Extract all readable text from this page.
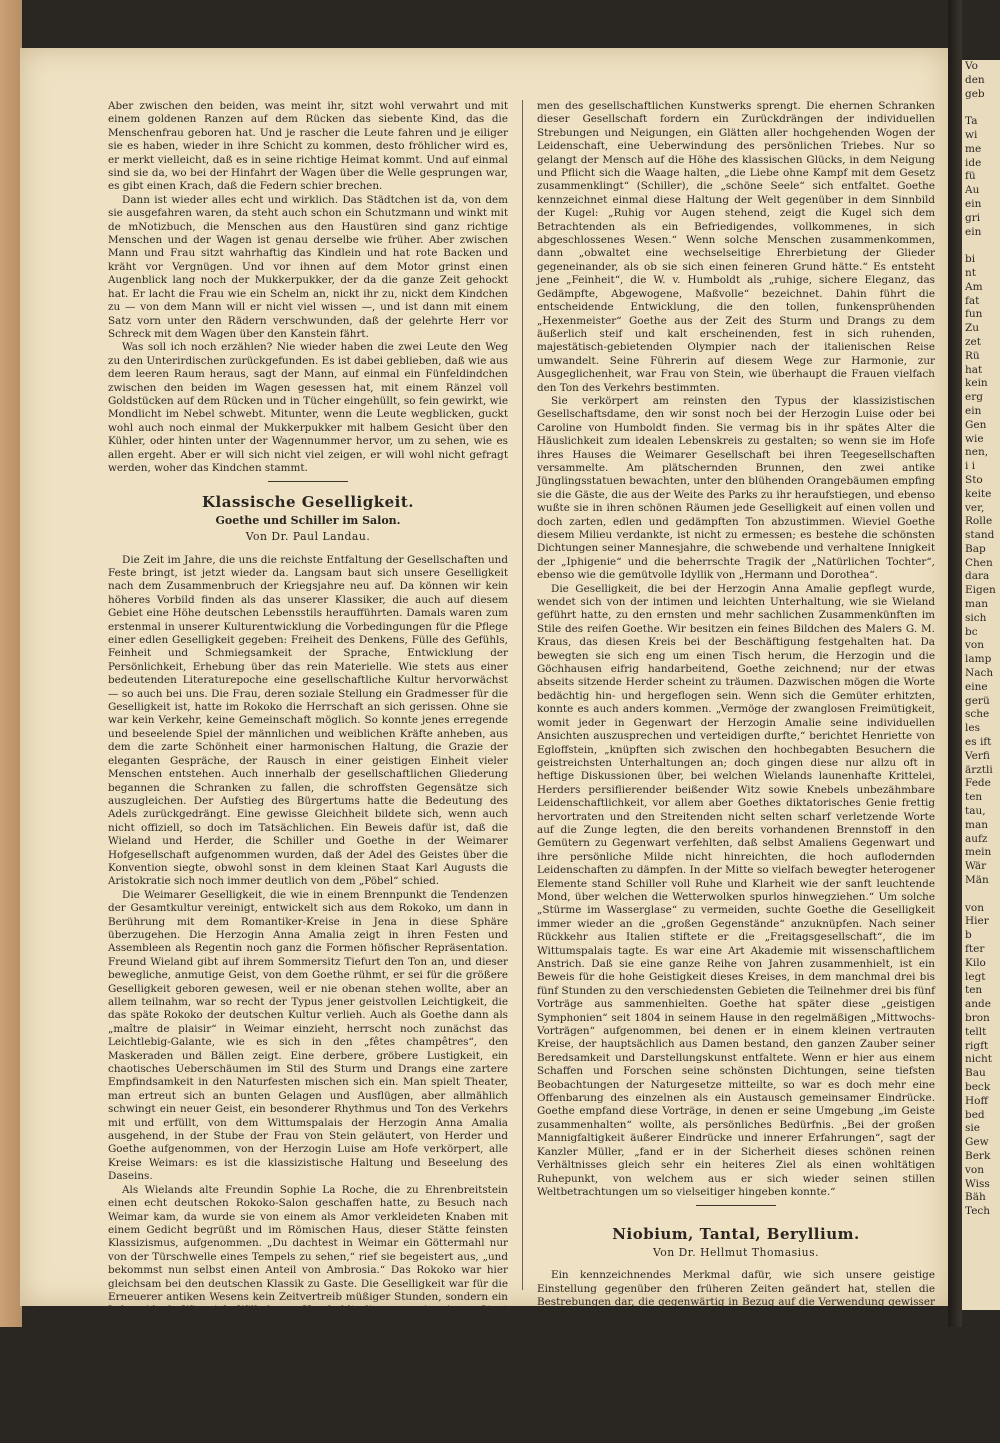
Aber zwischen den beiden, was meint ihr, sitzt wohl verwahrt und mit einem goldenen Ranzen auf dem Rücken das siebente Kind, das die Menschenfrau geboren hat. Und je rascher die Leute fahren und je eiliger sie es haben, wieder in ihre Schicht zu kommen, desto fröhlicher wird es, er merkt vielleicht, daß es in seine richtige Heimat kommt. Und auf einmal sind sie da, wo bei der Hinfahrt der Wagen über die Welle gesprungen war, es gibt einen Krach, daß die Federn schier brechen.

Dann ist wieder alles echt und wirklich. Das Städtchen ist da, von dem sie ausgefahren waren, da steht auch schon ein Schutzmann und winkt mit de mNotizbuch, die Menschen aus den Haustüren sind ganz richtige Menschen und der Wagen ist genau derselbe wie früher. Aber zwischen Mann und Frau sitzt wahrhaftig das Kindlein und hat rote Backen und kräht vor Vergnügen. Und vor ihnen auf dem Motor grinst einen Augenblick lang noch der Mukkerpukker, der da die ganze Zeit gehockt hat. Er lacht die Frau wie ein Schelm an, nickt ihr zu, nickt dem Kindchen zu — von dem Mann will er nicht viel wissen —, und ist dann mit einem Satz vorn unter den Rädern verschwunden, daß der gelehrte Herr vor Schreck mit dem Wagen über den Kanstein fährt.

Was soll ich noch erzählen? Nie wieder haben die zwei Leute den Weg zu den Unterirdischen zurückgefunden. Es ist dabei geblieben, daß wie aus dem leeren Raum heraus, sagt der Mann, auf einmal ein Fünfeldindchen zwischen den beiden im Wagen gesessen hat, mit einem Ränzel voll Goldstücken auf dem Rücken und in Tücher eingehüllt, so fein gewirkt, wie Mondlicht im Nebel schwebt. Mitunter, wenn die Leute wegblicken, guckt wohl auch noch einmal der Mukkerpukker mit halbem Gesicht über den Kühler, oder hinten unter der Wagennummer hervor, um zu sehen, wie es allen ergeht. Aber er will sich nicht viel zeigen, er will wohl nicht gefragt werden, woher das Kindchen stammt.

Klassische Geselligkeit.
Goethe und Schiller im Salon.
Von Dr. Paul Landau.

Die Zeit im Jahre, die uns die reichste Entfaltung der Gesellschaften und Feste bringt, ist jetzt wieder da. Langsam baut sich unsere Geselligkeit nach dem Zusammenbruch der Kriegsjahre neu auf. Da können wir kein höheres Vorbild finden als das unserer Klassiker, die auch auf diesem Gebiet eine Höhe deutschen Lebensstils heraufführten. Damals waren zum erstenmal in unserer Kulturentwicklung die Vorbedingungen für die Pflege einer edlen Geselligkeit gegeben: Freiheit des Denkens, Fülle des Gefühls, Feinheit und Schmiegsamkeit der Sprache, Entwicklung der Persönlichkeit, Erhebung über das rein Materielle. Wie stets aus einer bedeutenden Literaturepoche eine gesellschaftliche Kultur hervorwächst — so auch bei uns. Die Frau, deren soziale Stellung ein Gradmesser für die Geselligkeit ist, hatte im Rokoko die Herrschaft an sich gerissen. Ohne sie war kein Verkehr, keine Gemeinschaft möglich. So konnte jenes erregende und beseelende Spiel der männlichen und weiblichen Kräfte anheben, aus dem die zarte Schönheit einer harmonischen Haltung, die Grazie der eleganten Gespräche, der Rausch in einer geistigen Einheit vieler Menschen entstehen. Auch innerhalb der gesellschaftlichen Gliederung begannen die Schranken zu fallen, die schroffsten Gegensätze sich auszugleichen. Der Aufstieg des Bürgertums hatte die Bedeutung des Adels zurückgedrängt. Eine gewisse Gleichheit bildete sich, wenn auch nicht offiziell, so doch im Tatsächlichen. Ein Beweis dafür ist, daß die Wieland und Herder, die Schiller und Goethe in der Weimarer Hofgesellschaft aufgenommen wurden, daß der Adel des Geistes über die Konvention siegte, obwohl sonst in dem kleinen Staat Karl Augusts die Aristokratie sich noch immer deutlich von dem „Pöbel“ schied.

Die Weimarer Geselligkeit, die wie in einem Brennpunkt die Tendenzen der Gesamtkultur vereinigt, entwickelt sich aus dem Rokoko, um dann in Berührung mit dem Romantiker-Kreise in Jena in diese Sphäre überzugehen. Die Herzogin Anna Amalia zeigt in ihren Festen und Assembleen als Regentin noch ganz die Formen höfischer Repräsentation. Freund Wieland gibt auf ihrem Sommersitz Tiefurt den Ton an, und dieser bewegliche, anmutige Geist, von dem Goethe rühmt, er sei für die größere Geselligkeit geboren gewesen, weil er nie obenan stehen wollte, aber an allem teilnahm, war so recht der Typus jener geistvollen Leichtigkeit, die das späte Rokoko der deutschen Kultur verlieh. Auch als Goethe dann als „maître de plaisir“ in Weimar einzieht, herrscht noch zunächst das Leichtlebig-Galante, wie es sich in den „fêtes champêtres“, den Maskeraden und Bällen zeigt. Eine derbere, gröbere Lustigkeit, ein chaotisches Ueberschäumen im Stil des Sturm und Drangs eine zartere Empfindsamkeit in den Naturfesten mischen sich ein. Man spielt Theater, man ertreut sich an bunten Gelagen und Ausflügen, aber allmählich schwingt ein neuer Geist, ein besonderer Rhythmus und Ton des Verkehrs mit und erfüllt, von dem Wittumspalais der Herzogin Anna Amalia ausgehend, in der Stube der Frau von Stein geläutert, von Herder und Goethe aufgenommen, von der Herzogin Luise am Hofe verkörpert, alle Kreise Weimars: es ist die klassizistische Haltung und Beseelung des Daseins.

Als Wielands alte Freundin Sophie La Roche, die zu Ehrenbreitstein einen echt deutschen Rokoko-Salon geschaffen hatte, zu Besuch nach Weimar kam, da wurde sie von einem als Amor verkleideten Knaben mit einem Gedicht begrüßt und im Römischen Haus, dieser Stätte feinsten Klassizismus, aufgenommen. „Du dachtest in Weimar ein Göttermahl nur von der Türschwelle eines Tempels zu sehen,“ rief sie begeistert aus, „und bekommst nun selbst einen Anteil von Ambrosia.“ Das Rokoko war hier gleichsam bei den deutschen Klassik zu Gaste. Die Geselligkeit war für die Erneuerer antiken Wesens kein Zeitvertreib müßiger Stunden, sondern ein Lebensideal. Wie sich Wilhelm v. Humboldt die ganze in einem Staat lebende Nation unter dem Bilde einer edlen Gesellschaft darstellte, so glaubte man in der Weimarer Gemeinschaft diese Harmonie verwirklichen zu können durch jene ästhetische Erziehung, die Schiller predigte, durch die Gemeinsamkeit der Weltanschauung, durch das Aufgehen der einzelnen Persönlichkeit in dem allgemeinen Gesetz. Ein Wilhelm Meister, ein Faust fügen sich als dienendes Glied dem großen Ganzen ein; Tasso scheitert, weil seine unbändige Dämonie die strengen For-

men des gesellschaftlichen Kunstwerks sprengt. Die ehernen Schranken dieser Gesellschaft fordern ein Zurückdrängen der individuellen Strebungen und Neigungen, ein Glätten aller hochgehenden Wogen der Leidenschaft, eine Ueberwindung des persönlichen Triebes. Nur so gelangt der Mensch auf die Höhe des klassischen Glücks, in dem Neigung und Pflicht sich die Waage halten, „die Liebe ohne Kampf mit dem Gesetz zusammenklingt“ (Schiller), die „schöne Seele“ sich entfaltet. Goethe kennzeichnet einmal diese Haltung der Welt gegenüber in dem Sinnbild der Kugel: „Ruhig vor Augen stehend, zeigt die Kugel sich dem Betrachtenden als ein Befriedigendes, vollkommenes, in sich abgeschlossenes Wesen.“ Wenn solche Menschen zusammenkommen, dann „obwaltet eine wechselseitige Ehrerbietung der Glieder gegeneinander, als ob sie sich einen feineren Grund hätte.“ Es entsteht jene „Feinheit“, die W. v. Humboldt als „ruhige, sichere Eleganz, das Gedämpfte, Abgewogene, Maßvolle“ bezeichnet. Dahin führt die entscheidende Entwicklung, die den tollen, funkensprühenden „Hexenmeister“ Goethe aus der Zeit des Sturm und Drangs zu dem äußerlich steif und kalt erscheinenden, fest in sich ruhenden, majestätisch-gebietenden Olympier nach der italienischen Reise umwandelt. Seine Führerin auf diesem Wege zur Harmonie, zur Ausgeglichenheit, war Frau von Stein, wie überhaupt die Frauen vielfach den Ton des Verkehrs bestimmten.

Sie verkörpert am reinsten den Typus der klassizistischen Gesellschaftsdame, den wir sonst noch bei der Herzogin Luise oder bei Caroline von Humboldt finden. Sie vermag bis in ihr spätes Alter die Häuslichkeit zum idealen Lebenskreis zu gestalten; so wenn sie im Hofe ihres Hauses die Weimarer Gesellschaft bei ihren Teegesellschaften versammelte. Am plätschernden Brunnen, den zwei antike Jünglingsstatuen bewachten, unter den blühenden Orangebäumen empfing sie die Gäste, die aus der Weite des Parks zu ihr heraufstiegen, und ebenso wußte sie in ihren schönen Räumen jede Geselligkeit auf einen vollen und doch zarten, edlen und gedämpften Ton abzustimmen. Wieviel Goethe diesem Milieu verdankte, ist nicht zu ermessen; es bestehe die schönsten Dichtungen seiner Mannesjahre, die schwebende und verhaltene Innigkeit der „Iphigenie“ und die beherrschte Tragik der „Natürlichen Tochter“, ebenso wie die gemütvolle Idyllik von „Hermann und Dorothea“.

Die Geselligkeit, die bei der Herzogin Anna Amalie gepflegt wurde, wendet sich von der intimen und leichten Unterhaltung, wie sie Wieland geführt hatte, zu den ernsten und mehr sachlichen Zusammenkünften im Stile des reifen Goethe. Wir besitzen ein feines Bildchen des Malers G. M. Kraus, das diesen Kreis bei der Beschäftigung festgehalten hat. Da bewegten sie sich eng um einen Tisch herum, die Herzogin und die Göchhausen eifrig handarbeitend, Goethe zeichnend; nur der etwas abseits sitzende Herder scheint zu träumen. Dazwischen mögen die Worte bedächtig hin- und hergeflogen sein. Wenn sich die Gemüter erhitzten, konnte es auch anders kommen. „Vermöge der zwanglosen Freimütigkeit, womit jeder in Gegenwart der Herzogin Amalie seine individuellen Ansichten auszusprechen und verteidigen durfte,“ berichtet Henriette von Egloffstein, „knüpften sich zwischen den hochbegabten Besuchern die geistreichsten Unterhaltungen an; doch gingen diese nur allzu oft in heftige Diskussionen über, bei welchen Wielands launenhafte Krittelei, Herders persiflierender beißender Witz sowie Knebels unbezähmbare Leidenschaftlichkeit, vor allem aber Goethes diktatorisches Genie frettig hervortraten und den Streitenden nicht selten scharf verletzende Worte auf die Zunge legten, die den bereits vorhandenen Brennstoff in den Gemütern zu Gegenwart verfehlten, daß selbst Amaliens Gegenwart und ihre persönliche Milde nicht hinreichten, die hoch auflodernden Leidenschaften zu dämpfen. In der Mitte so vielfach bewegter heterogener Elemente stand Schiller voll Ruhe und Klarheit wie der sanft leuchtende Mond, über welchen die Wetterwolken spurlos hinwegziehen.“ Um solche „Stürme im Wasserglase“ zu vermeiden, suchte Goethe die Geselligkeit immer wieder an die „großen Gegenstände“ anzuknüpfen. Nach seiner Rückkehr aus Italien stiftete er die „Freitagsgesellschaft“, die im Wittumspalais tagte. Es war eine Art Akademie mit wissenschaftlichem Anstrich. Daß sie eine ganze Reihe von Jahren zusammenhielt, ist ein Beweis für die hohe Geistigkeit dieses Kreises, in dem manchmal drei bis fünf Stunden zu den verschiedensten Gebieten die Teilnehmer drei bis fünf Vorträge aus sammenhielten. Goethe hat später diese „geistigen Symphonien“ seit 1804 in seinem Hause in den regelmäßigen „Mittwochs-Vorträgen“ aufgenommen, bei denen er in einem kleinen vertrauten Kreise, der hauptsächlich aus Damen bestand, den ganzen Zauber seiner Beredsamkeit und Darstellungskunst entfaltete. Wenn er hier aus einem Schaffen und Forschen seine schönsten Dichtungen, seine tiefsten Beobachtungen der Naturgesetze mitteilte, so war es doch mehr eine Offenbarung des einzelnen als ein Austausch gemeinsamer Eindrücke. Goethe empfand diese Vorträge, in denen er seine Umgebung „im Geiste zusammenhalten“ wollte, als persönliches Bedürfnis. „Bei der großen Mannigfaltigkeit äußerer Eindrücke und innerer Erfahrungen“, sagt der Kanzler Müller, „fand er in der Sicherheit dieses schönen reinen Verhältnisses gleich sehr ein heiteres Ziel als einen wohltätigen Ruhepunkt, von welchem aus er sich wieder seinen stillen Weltbetrachtungen um so vielseitiger hingeben konnte.“

Niobium, Tantal, Beryllium.
Von Dr. Hellmut Thomasius.

Ein kennzeichnendes Merkmal dafür, wie sich unsere geistige Einstellung gegenüber den früheren Zeiten geändert hat, stellen die Bestrebungen dar, die gegenwärtig in Bezug auf die Verwendung gewisser Metalle im Gange sind. Lange Zeit bieten diese Metalle lediglich wissenschaftliches Interesse. Sie waren meist verhältnismäßig selten. Vielfach war es ein Kunststück, ihr Dasein überhaupt zu bemerken und sie in einem Zustande darzustellen. War ein derartiger großer Wurf gelungen, so begann das Schürfen in die Tiefe. Ihre Eigenschaften wurden ermittelt und aufs genaueste erforscht. Wenn mehr Arbeiten zu einem gewissen Abschluß gelangt waren, wendete man sich neuen Aufgaben zu. Die Metalle selbst wurden in kleinen Proben den Sammlungen der Hochschulen und wissenschaftlichen Institute einverleibt. Hier führten sie eine Art von Museumsdasein. Die

Vo
den
geb

Ta
wi
me
ide
fü
Au
ein
gri
ein

bi
nt
Am
fat
fun
Zu
zet
Rü
hat
kein
erg
ein
Gen
wie
nen,
i i
Sto
keite
ver,
Rolle
stand
Bap
Chen
dara
Eigen
man
sich
bc
von
lamp
Nach
eine
gerü
sche
les
es ift
Verfi
ärztli
Fede
ten
tau,
man
aufz
mein
Wär
Män

von
Hier
b
fter
Kilo
legt
ten
ande
bron
tellt
rigft
nicht
Bau
beck
Hoff
bed
sie
Gew
Berk
von
Wiss
Bäh
Tech
